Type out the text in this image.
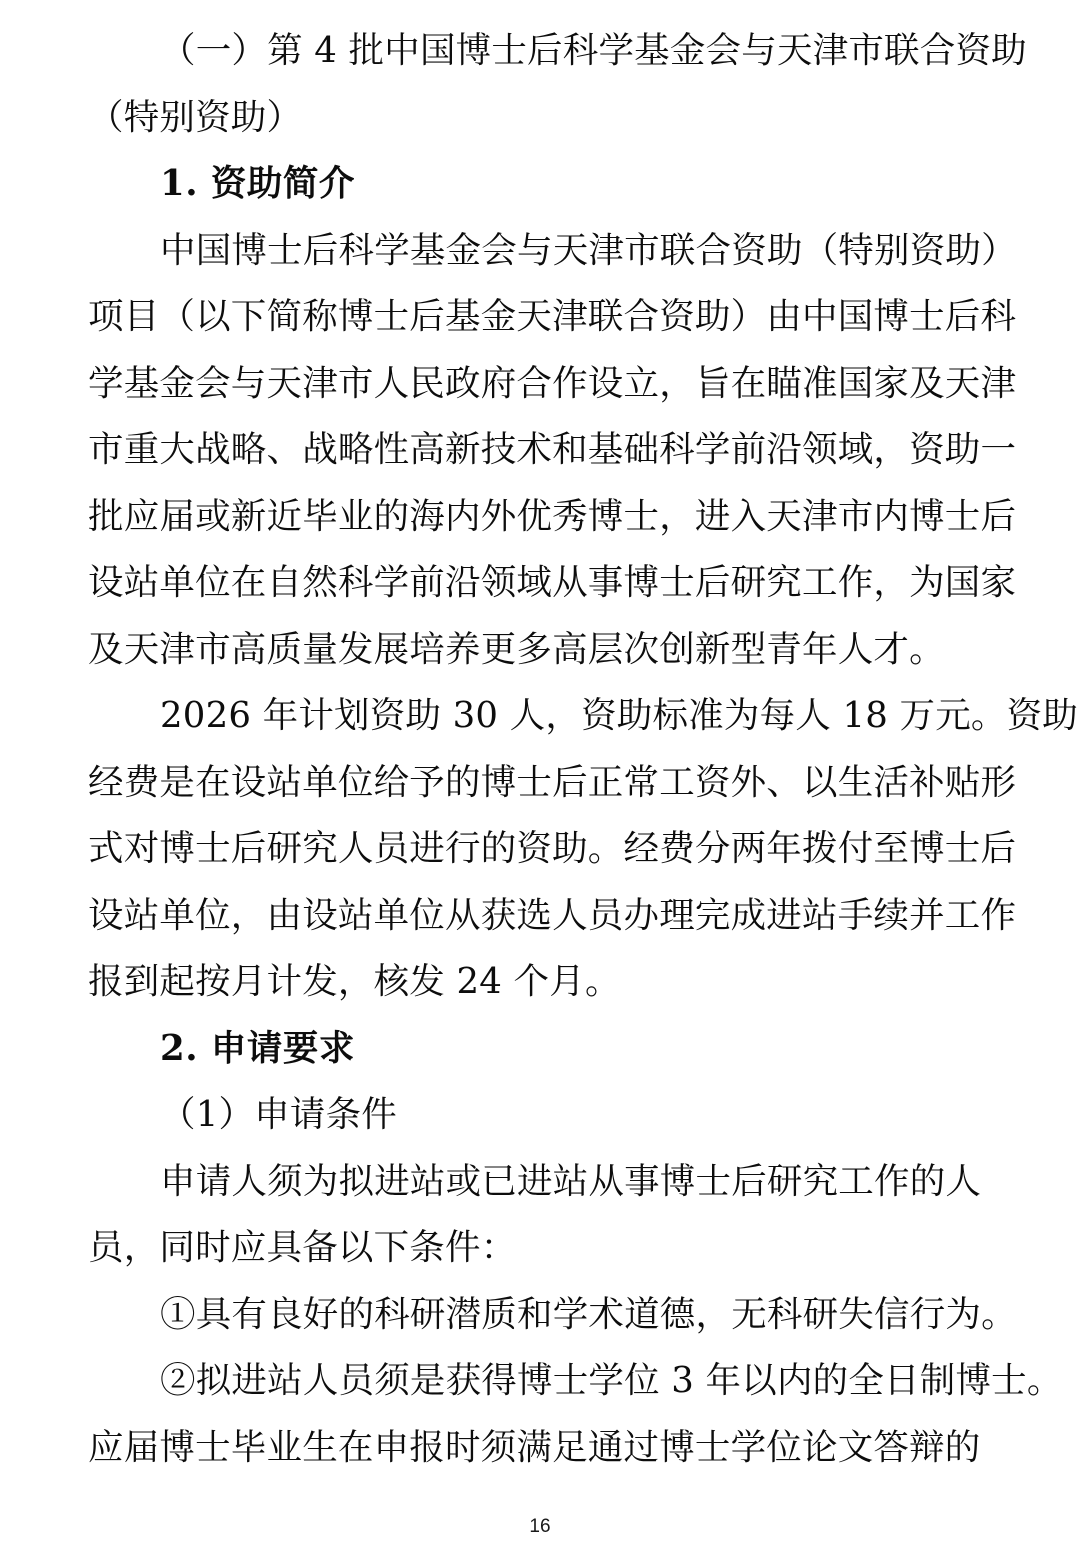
（一）第 4 批中国博士后科学基金会与天津市联合资助
（特别资助）
1. 资助简介
中国博士后科学基金会与天津市联合资助（特别资助）
项目（以下简称博士后基金天津联合资助）由中国博士后科
学基金会与天津市人民政府合作设立，旨在瞄准国家及天津
市重大战略、战略性高新技术和基础科学前沿领域，资助一
批应届或新近毕业的海内外优秀博士，进入天津市内博士后
设站单位在自然科学前沿领域从事博士后研究工作，为国家
及天津市高质量发展培养更多高层次创新型青年人才。
2026 年计划资助 30 人，资助标准为每人 18 万元。资助
经费是在设站单位给予的博士后正常工资外、以生活补贴形
式对博士后研究人员进行的资助。经费分两年拨付至博士后
设站单位，由设站单位从获选人员办理完成进站手续并工作
报到起按月计发，核发 24 个月。
2. 申请要求
（1）申请条件
申请人须为拟进站或已进站从事博士后研究工作的人
员，同时应具备以下条件：
①具有良好的科研潜质和学术道德，无科研失信行为。
②拟进站人员须是获得博士学位 3 年以内的全日制博士。
应届博士毕业生在申报时须满足通过博士学位论文答辩的
16
